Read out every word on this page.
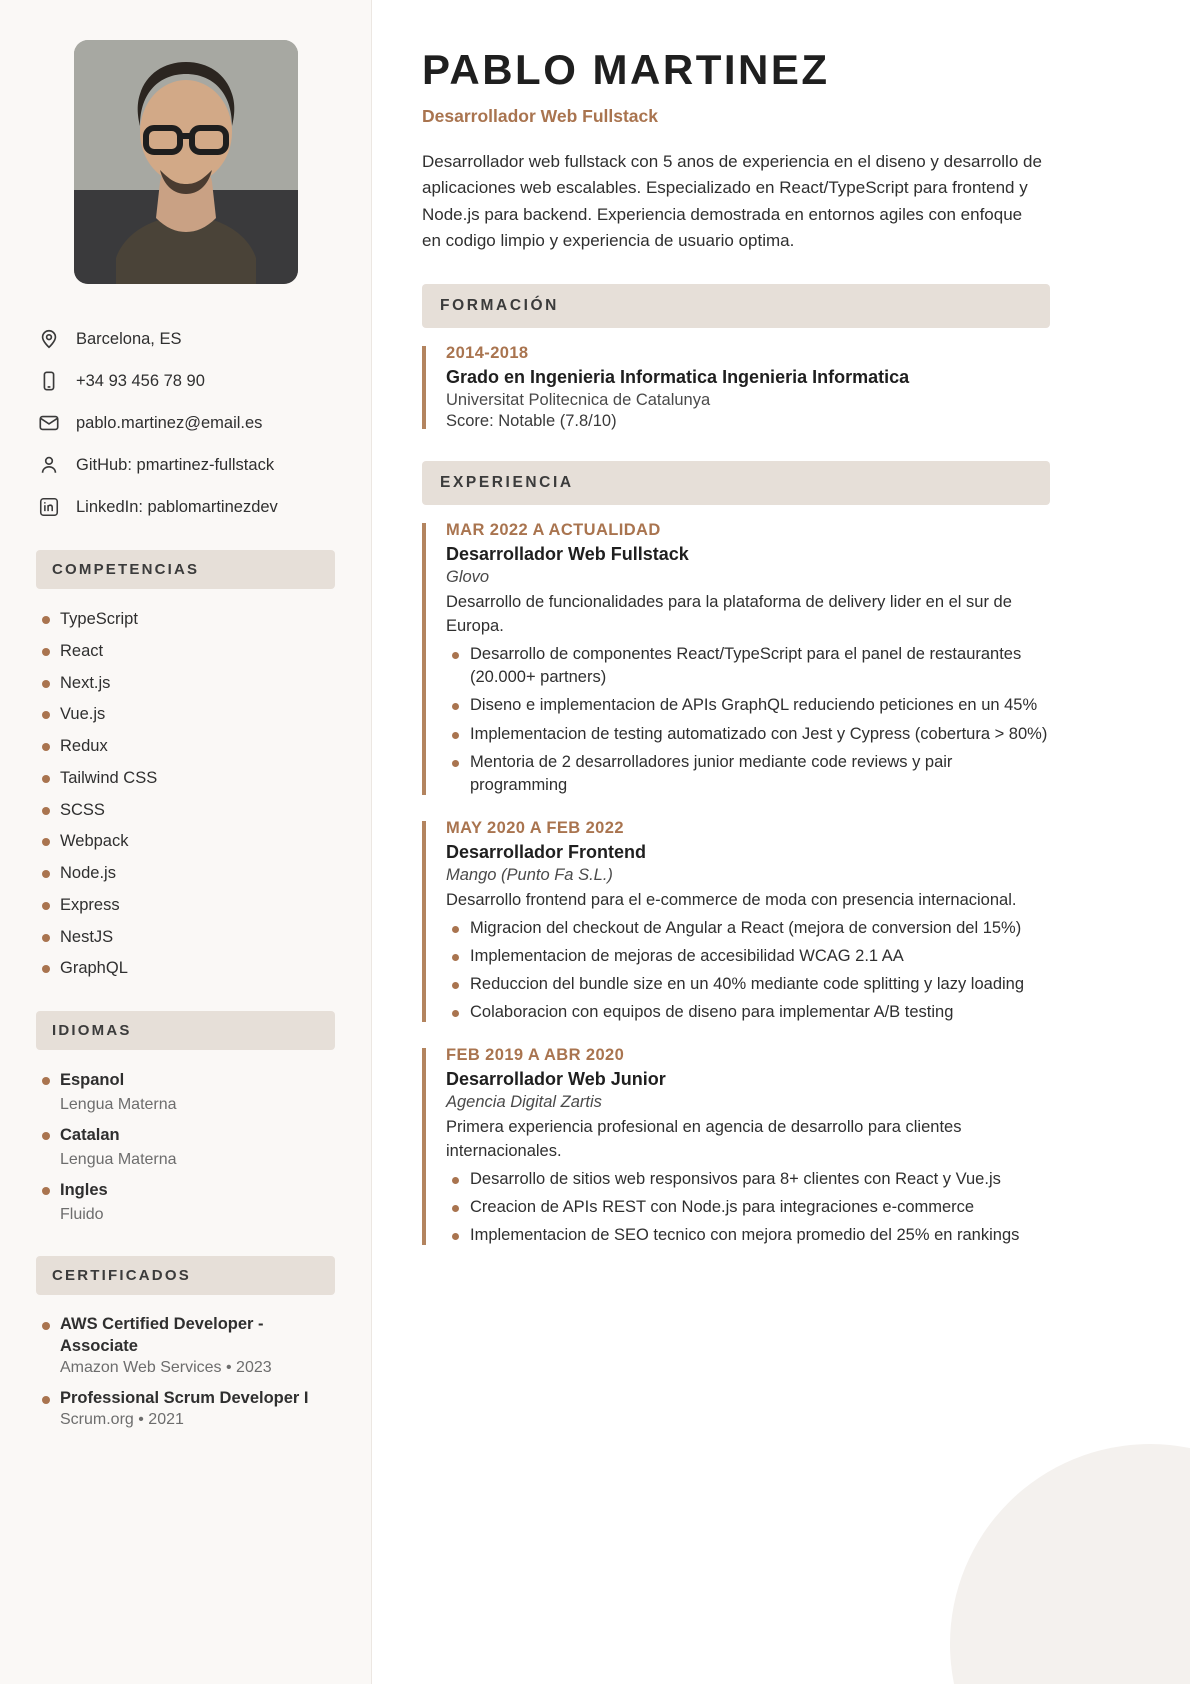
Barcelona, ES
+34 93 456 78 90
pablo.martinez@email.es
GitHub: pmartinez-fullstack
LinkedIn: pablomartinezdev
COMPETENCIAS
TypeScript
React
Next.js
Vue.js
Redux
Tailwind CSS
SCSS
Webpack
Node.js
Express
NestJS
GraphQL
IDIOMAS
Espanol
Lengua Materna
Catalan
Lengua Materna
Ingles
Fluido
CERTIFICADOS
AWS Certified Developer - Associate
Amazon Web Services • 2023
Professional Scrum Developer I
Scrum.org • 2021
PABLO MARTINEZ
Desarrollador Web Fullstack

Desarrollador web fullstack con 5 anos de experiencia en el diseno y desarrollo de aplicaciones web escalables. Especializado en React/TypeScript para frontend y Node.js para backend. Experiencia demostrada en entornos agiles con enfoque en codigo limpio y experiencia de usuario optima.

FORMACIÓN
2014-2018
Grado en Ingenieria Informatica Ingenieria Informatica
Universitat Politecnica de Catalunya
Score: Notable (7.8/10)
EXPERIENCIA
MAR 2022 A ACTUALIDAD
Desarrollador Web Fullstack
Glovo
Desarrollo de funcionalidades para la plataforma de delivery lider en el sur de Europa.
Desarrollo de componentes React/TypeScript para el panel de restaurantes (20.000+ partners)
Diseno e implementacion de APIs GraphQL reduciendo peticiones en un 45%
Implementacion de testing automatizado con Jest y Cypress (cobertura > 80%)
Mentoria de 2 desarrolladores junior mediante code reviews y pair programming
MAY 2020 A FEB 2022
Desarrollador Frontend
Mango (Punto Fa S.L.)
Desarrollo frontend para el e-commerce de moda con presencia internacional.
Migracion del checkout de Angular a React (mejora de conversion del 15%)
Implementacion de mejoras de accesibilidad WCAG 2.1 AA
Reduccion del bundle size en un 40% mediante code splitting y lazy loading
Colaboracion con equipos de diseno para implementar A/B testing
FEB 2019 A ABR 2020
Desarrollador Web Junior
Agencia Digital Zartis
Primera experiencia profesional en agencia de desarrollo para clientes internacionales.
Desarrollo de sitios web responsivos para 8+ clientes con React y Vue.js
Creacion de APIs REST con Node.js para integraciones e-commerce
Implementacion de SEO tecnico con mejora promedio del 25% en rankings
